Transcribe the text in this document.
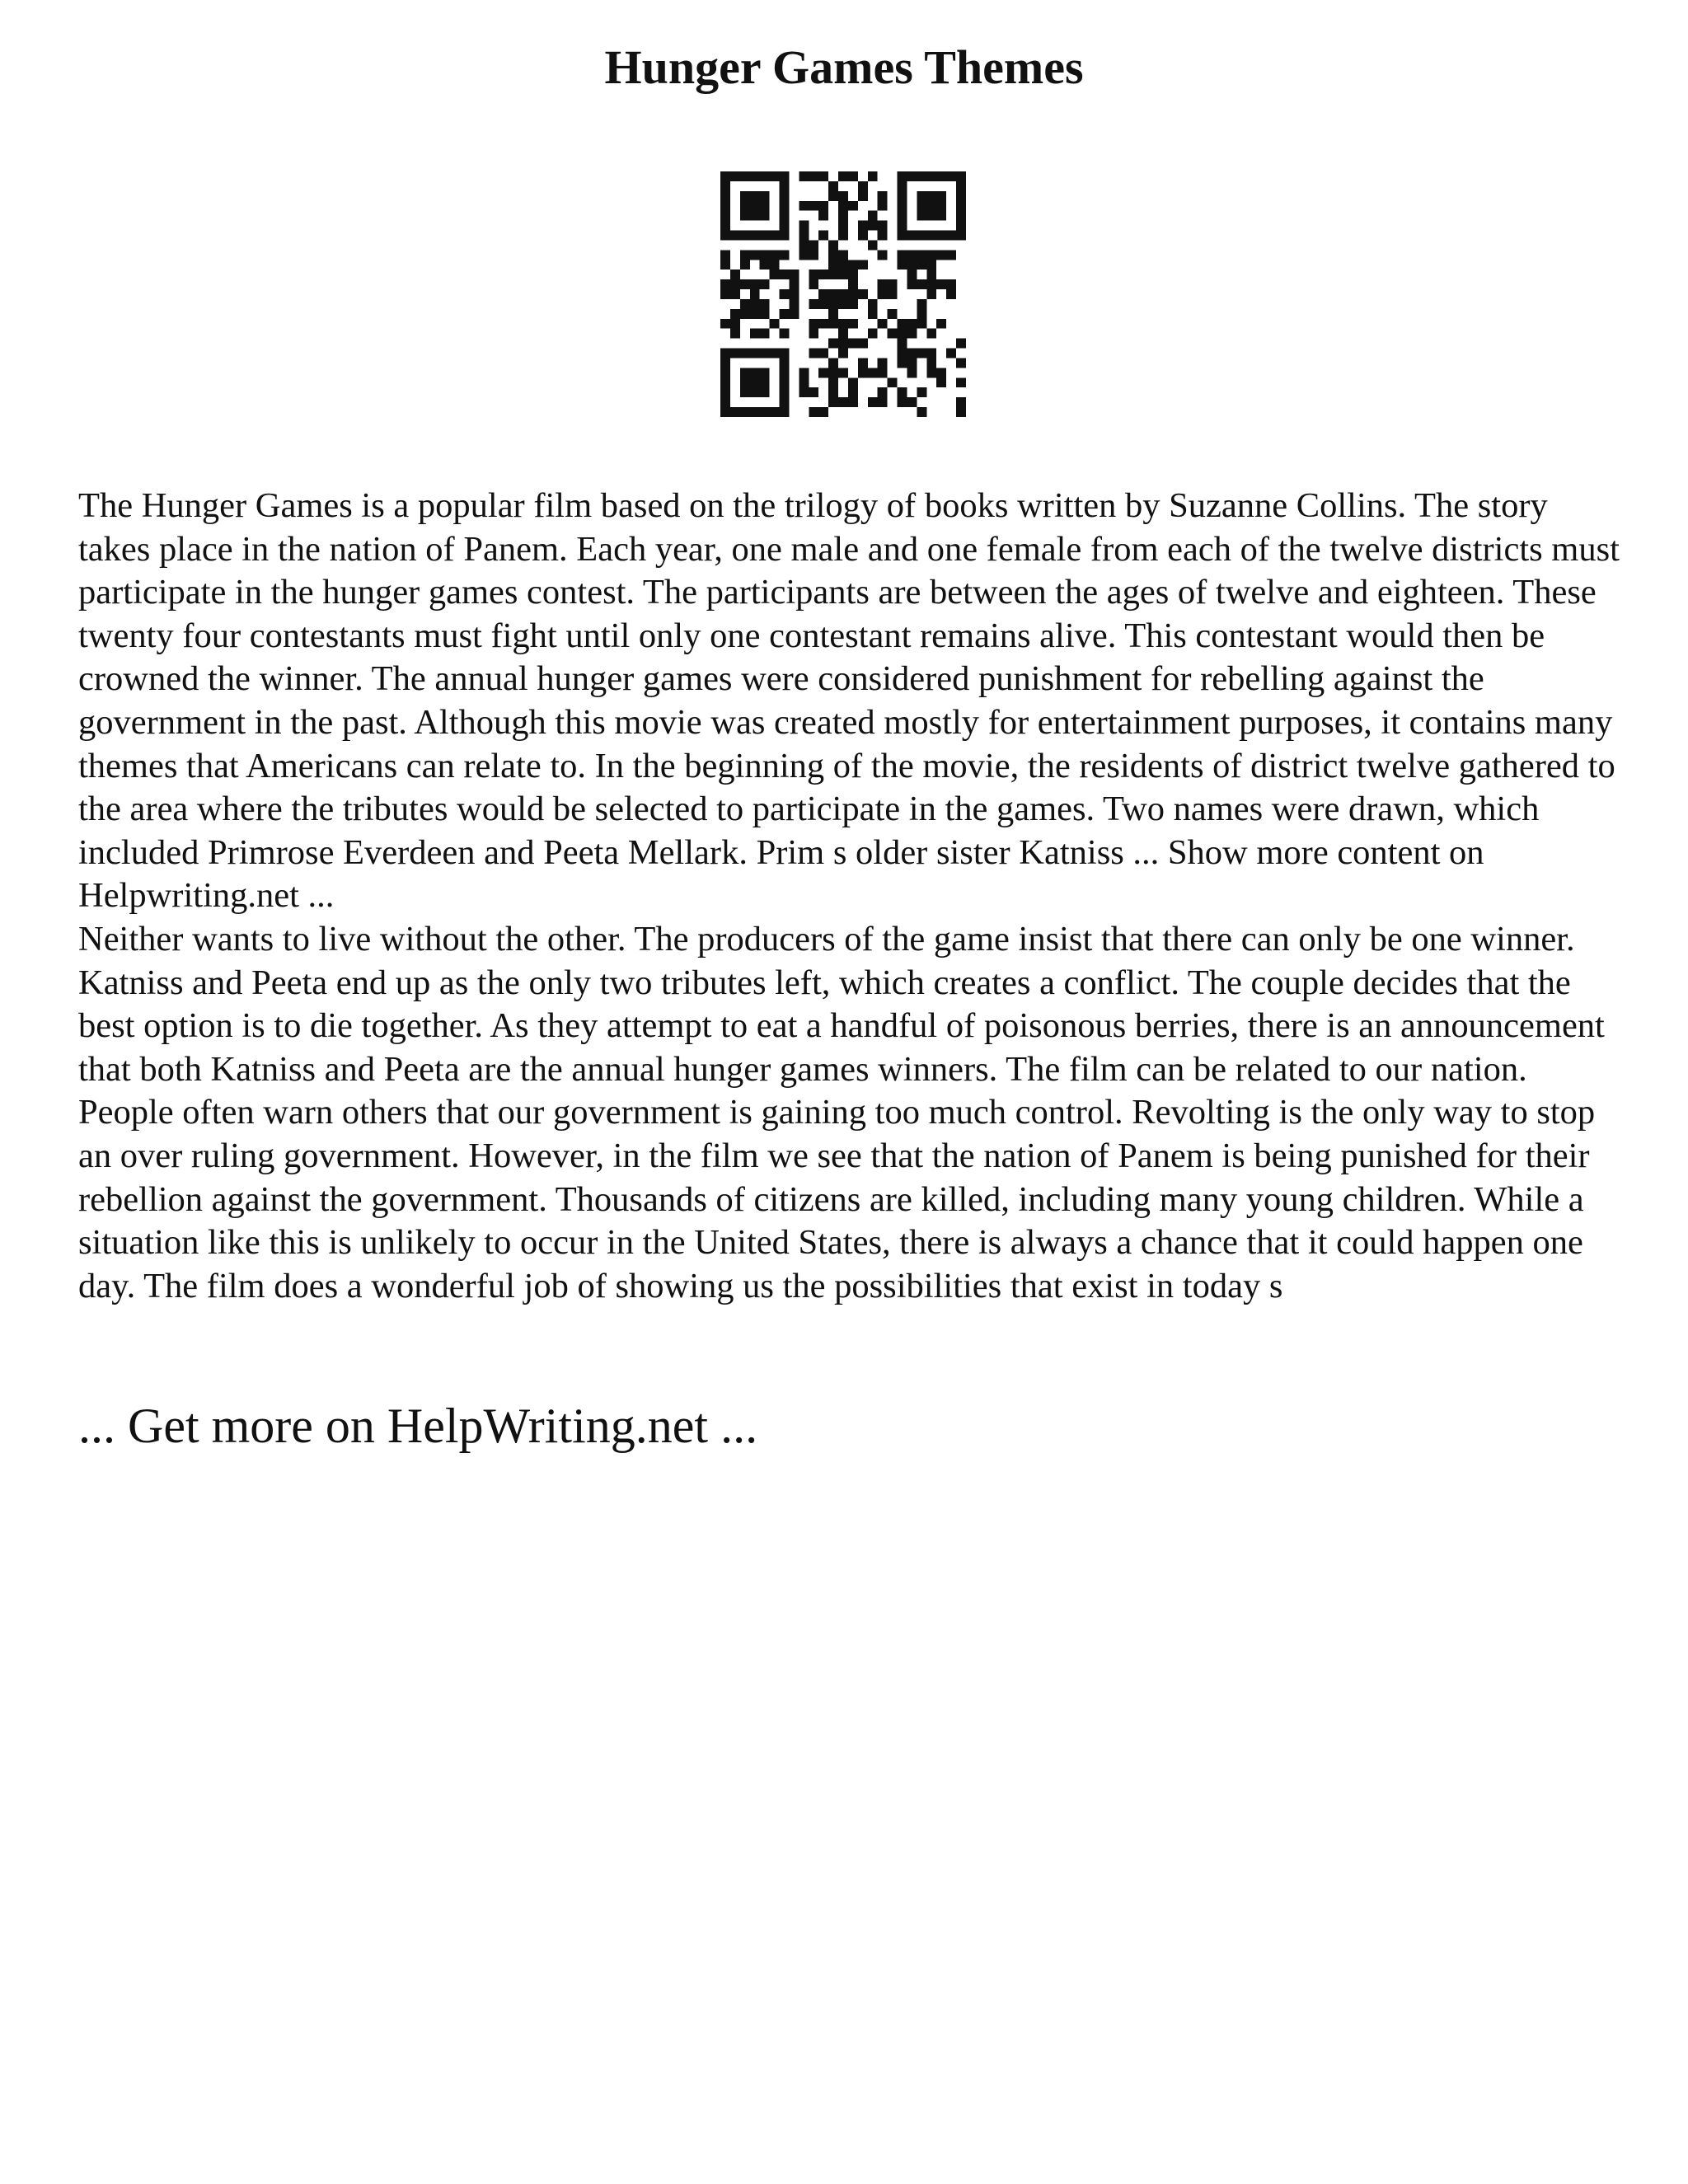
Hunger Games Themes

The Hunger Games is a popular film based on the trilogy of books written by Suzanne Collins. The story takes place in the nation of Panem. Each year, one male and one female from each of the twelve districts must participate in the hunger games contest. The participants are between the ages of twelve and eighteen. These twenty four contestants must fight until only one contestant remains alive. This contestant would then be crowned the winner. The annual hunger games were considered punishment for rebelling against the government in the past. Although this movie was created mostly for entertainment purposes, it contains many themes that Americans can relate to. In the beginning of the movie, the residents of district twelve gathered to the area where the tributes would be selected to participate in the games. Two names were drawn, which included Primrose Everdeen and Peeta Mellark. Prim s older sister Katniss ... Show more content on Helpwriting.net ...

Neither wants to live without the other. The producers of the game insist that there can only be one winner. Katniss and Peeta end up as the only two tributes left, which creates a conflict. The couple decides that the best option is to die together. As they attempt to eat a handful of poisonous berries, there is an announcement that both Katniss and Peeta are the annual hunger games winners. The film can be related to our nation. People often warn others that our government is gaining too much control. Revolting is the only way to stop an over ruling government. However, in the film we see that the nation of Panem is being punished for their rebellion against the government. Thousands of citizens are killed, including many young children. While a situation like this is unlikely to occur in the United States, there is always a chance that it could happen one day. The film does a wonderful job of showing us the possibilities that exist in today s

... Get more on HelpWriting.net ...
